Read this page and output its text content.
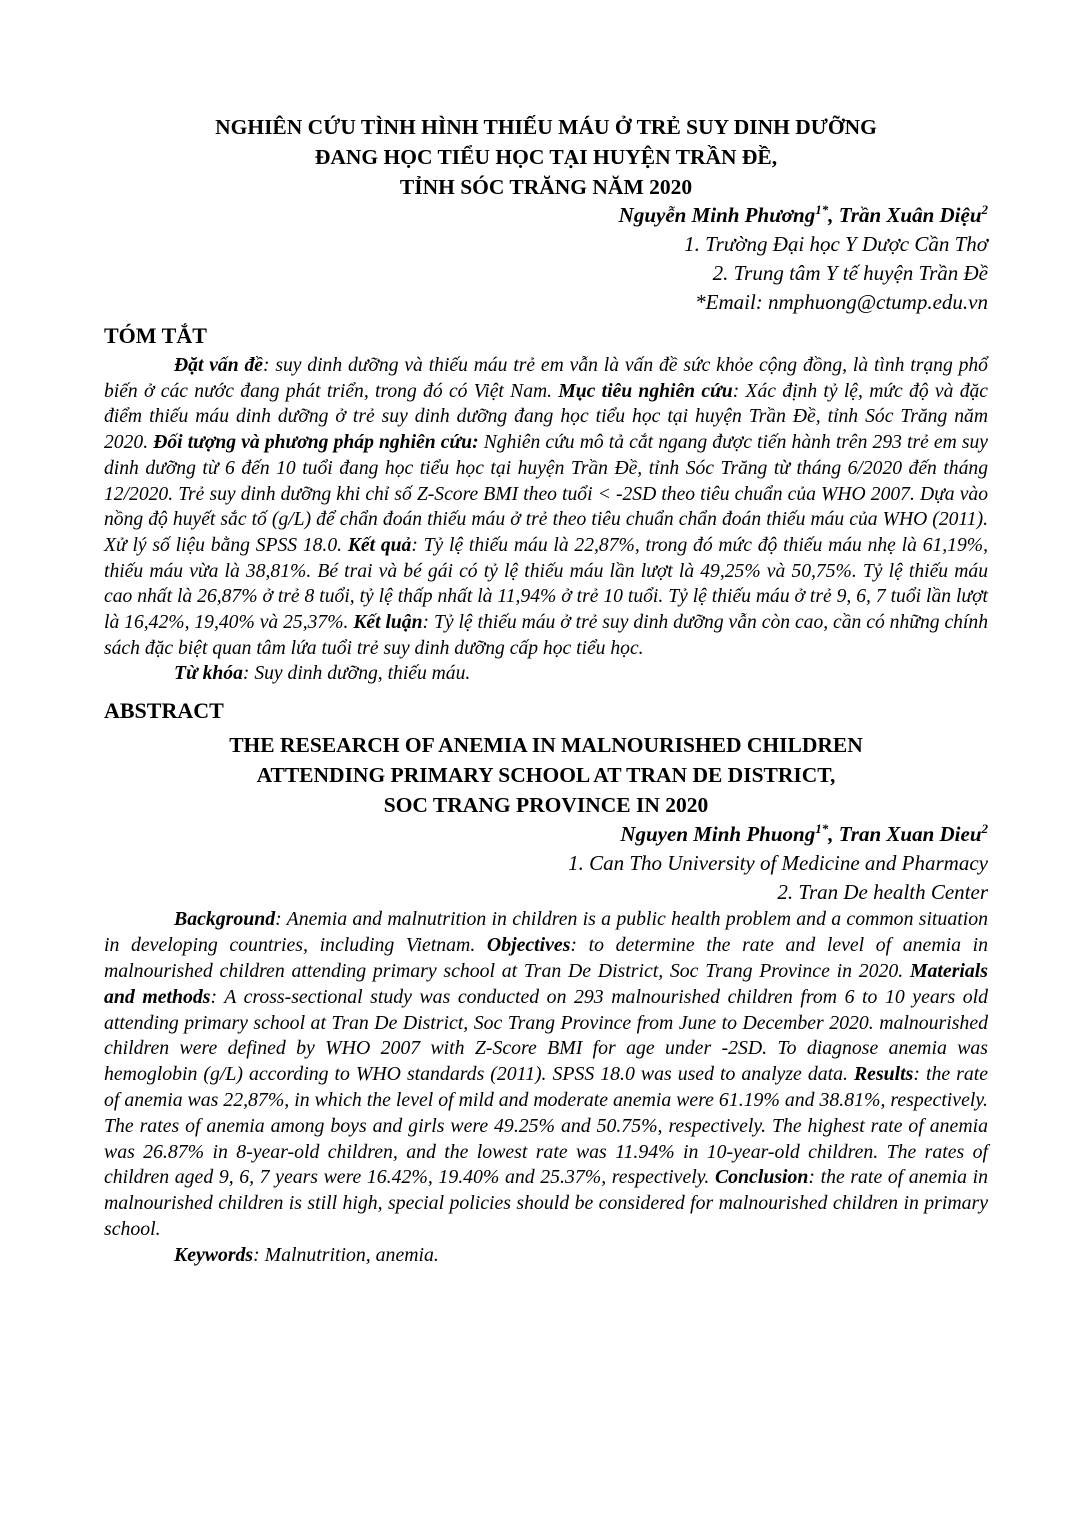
NGHIÊN CỨU TÌNH HÌNH THIẾU MÁU Ở TRẺ SUY DINH DƯỠNG
ĐANG HỌC TIỂU HỌC TẠI HUYỆN TRẦN ĐỀ,
TỈNH SÓC TRĂNG NĂM 2020
Nguyễn Minh Phương$^{1*}$, Trần Xuân Diệu$^2$
1. Trường Đại học Y Dược Cần Thơ
2. Trung tâm Y tế huyện Trần Đề
*Email: nmphuong@ctump.edu.vn
TÓM TẮT

Đặt vấn đề: suy dinh dưỡng và thiếu máu trẻ em vẫn là vấn đề sức khỏe cộng đồng, là tình trạng phổ biến ở các nước đang phát triển, trong đó có Việt Nam. Mục tiêu nghiên cứu: Xác định tỷ lệ, mức độ và đặc điểm thiếu máu dinh dưỡng ở trẻ suy dinh dưỡng đang học tiểu học tại huyện Trần Đề, tỉnh Sóc Trăng năm 2020. Đối tượng và phương pháp nghiên cứu: Nghiên cứu mô tả cắt ngang được tiến hành trên 293 trẻ em suy dinh dưỡng từ 6 đến 10 tuổi đang học tiểu học tại huyện Trần Đề, tỉnh Sóc Trăng từ tháng 6/2020 đến tháng 12/2020. Trẻ suy dinh dưỡng khi chỉ số Z-Score BMI theo tuổi < -2SD theo tiêu chuẩn của WHO 2007. Dựa vào nồng độ huyết sắc tố (g/L) để chẩn đoán thiếu máu ở trẻ theo tiêu chuẩn chẩn đoán thiếu máu của WHO (2011). Xử lý số liệu bằng SPSS 18.0. Kết quả: Tỷ lệ thiếu máu là 22,87%, trong đó mức độ thiếu máu nhẹ là 61,19%, thiếu máu vừa là 38,81%. Bé trai và bé gái có tỷ lệ thiếu máu lần lượt là 49,25% và 50,75%. Tỷ lệ thiếu máu cao nhất là 26,87% ở trẻ 8 tuổi, tỷ lệ thấp nhất là 11,94% ở trẻ 10 tuổi. Tỷ lệ thiếu máu ở trẻ 9, 6, 7 tuổi lần lượt là 16,42%, 19,40% và 25,37%. Kết luận: Tỷ lệ thiếu máu ở trẻ suy dinh dưỡng vẫn còn cao, cần có những chính sách đặc biệt quan tâm lứa tuổi trẻ suy dinh dưỡng cấp học tiểu học.

Từ khóa: Suy dinh dưỡng, thiếu máu.

ABSTRACT
THE RESEARCH OF ANEMIA IN MALNOURISHED CHILDREN
ATTENDING PRIMARY SCHOOL AT TRAN DE DISTRICT,
SOC TRANG PROVINCE IN 2020
Nguyen Minh Phuong$^{1*}$, Tran Xuan Dieu$^2$
1. Can Tho University of Medicine and Pharmacy
2. Tran De health Center

Background: Anemia and malnutrition in children is a public health problem and a common situation in developing countries, including Vietnam. Objectives: to determine the rate and level of anemia in malnourished children attending primary school at Tran De District, Soc Trang Province in 2020. Materials and methods: A cross-sectional study was conducted on 293 malnourished children from 6 to 10 years old attending primary school at Tran De District, Soc Trang Province from June to December 2020. malnourished children were defined by WHO 2007 with Z-Score BMI for age under -2SD. To diagnose anemia was hemoglobin (g/L) according to WHO standards (2011). SPSS 18.0 was used to analyze data. Results: the rate of anemia was 22,87%, in which the level of mild and moderate anemia were 61.19% and 38.81%, respectively. The rates of anemia among boys and girls were 49.25% and 50.75%, respectively. The highest rate of anemia was 26.87% in 8-year-old children, and the lowest rate was 11.94% in 10-year-old children. The rates of children aged 9, 6, 7 years were 16.42%, 19.40% and 25.37%, respectively. Conclusion: the rate of anemia in malnourished children is still high, special policies should be considered for malnourished children in primary school.

Keywords: Malnutrition, anemia.
